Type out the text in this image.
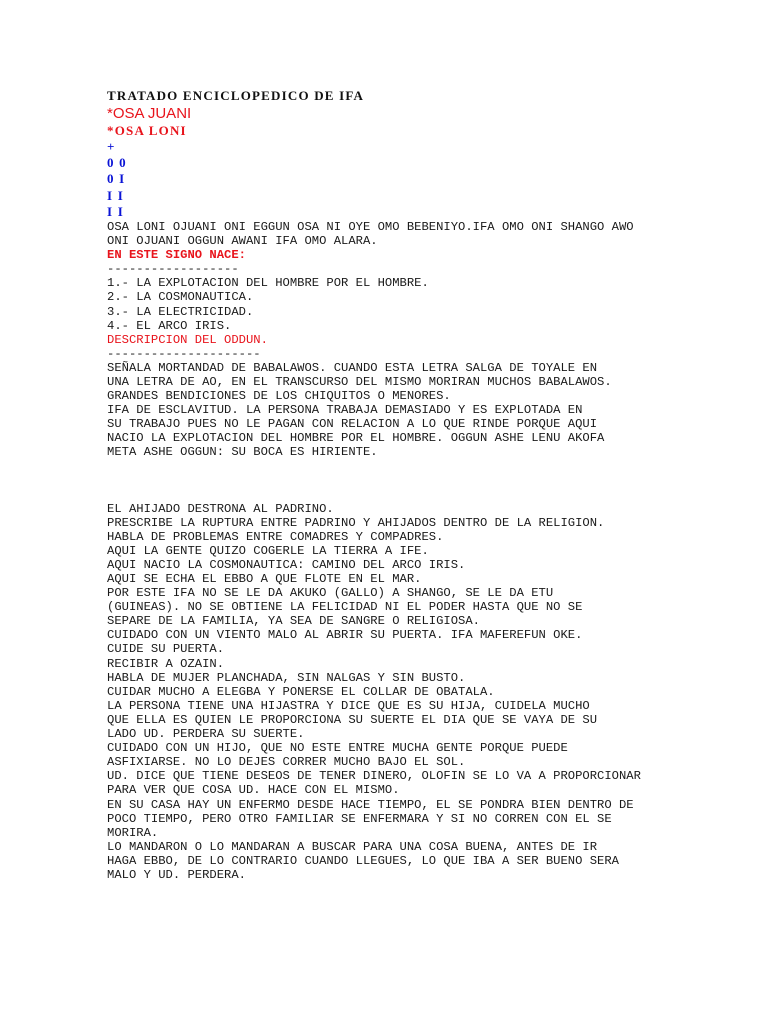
TRATADO ENCICLOPEDICO DE IFA

*OSA JUANI

*OSA LONI

+

0 0

0 I

I I

I I

OSA LONI OJUANI ONI EGGUN OSA NI OYE OMO BEBENIYO.IFA OMO ONI SHANGO AWO

ONI OJUANI OGGUN AWANI IFA OMO ALARA.

EN ESTE SIGNO NACE:

------------------

1.- LA EXPLOTACION DEL HOMBRE POR EL HOMBRE.

2.- LA COSMONAUTICA.

3.- LA ELECTRICIDAD.

4.- EL ARCO IRIS.

DESCRIPCION DEL ODDUN.

---------------------

SEÑALA MORTANDAD DE BABALAWOS. CUANDO ESTA LETRA SALGA DE TOYALE EN

UNA LETRA DE AO, EN EL TRANSCURSO DEL MISMO MORIRAN MUCHOS BABALAWOS.

GRANDES BENDICIONES DE LOS CHIQUITOS O MENORES.

IFA DE ESCLAVITUD. LA PERSONA TRABAJA DEMASIADO Y ES EXPLOTADA EN

SU TRABAJO PUES NO LE PAGAN CON RELACION A LO QUE RINDE PORQUE AQUI

NACIO LA EXPLOTACION DEL HOMBRE POR EL HOMBRE. OGGUN ASHE LENU AKOFA

META ASHE OGGUN: SU BOCA ES HIRIENTE.

EL AHIJADO DESTRONA AL PADRINO.

PRESCRIBE LA RUPTURA ENTRE PADRINO Y AHIJADOS DENTRO DE LA RELIGION.

HABLA DE PROBLEMAS ENTRE COMADRES Y COMPADRES.

AQUI LA GENTE QUIZO COGERLE LA TIERRA A IFE.

AQUI NACIO LA COSMONAUTICA: CAMINO DEL ARCO IRIS.

AQUI SE ECHA EL EBBO A QUE FLOTE EN EL MAR.

POR ESTE IFA NO SE LE DA AKUKO (GALLO) A SHANGO, SE LE DA ETU

(GUINEAS). NO SE OBTIENE LA FELICIDAD NI EL PODER HASTA QUE NO SE

SEPARE DE LA FAMILIA, YA SEA DE SANGRE O RELIGIOSA.

CUIDADO CON UN VIENTO MALO AL ABRIR SU PUERTA. IFA MAFEREFUN OKE.

CUIDE SU PUERTA.

RECIBIR A OZAIN.

HABLA DE MUJER PLANCHADA, SIN NALGAS Y SIN BUSTO.

CUIDAR MUCHO A ELEGBA Y PONERSE EL COLLAR DE OBATALA.

LA PERSONA TIENE UNA HIJASTRA Y DICE QUE ES SU HIJA, CUIDELA MUCHO

QUE ELLA ES QUIEN LE PROPORCIONA SU SUERTE EL DIA QUE SE VAYA DE SU

LADO UD. PERDERA SU SUERTE.

CUIDADO CON UN HIJO, QUE NO ESTE ENTRE MUCHA GENTE PORQUE PUEDE

ASFIXIARSE. NO LO DEJES CORRER MUCHO BAJO EL SOL.

UD. DICE QUE TIENE DESEOS DE TENER DINERO, OLOFIN SE LO VA A PROPORCIONAR

PARA VER QUE COSA UD. HACE CON EL MISMO.

EN SU CASA HAY UN ENFERMO DESDE HACE TIEMPO, EL SE PONDRA BIEN DENTRO DE

POCO TIEMPO, PERO OTRO FAMILIAR SE ENFERMARA Y SI NO CORREN CON EL SE

MORIRA.

LO MANDARON O LO MANDARAN A BUSCAR PARA UNA COSA BUENA, ANTES DE IR

HAGA EBBO, DE LO CONTRARIO CUANDO LLEGUES, LO QUE IBA A SER BUENO SERA

MALO Y UD. PERDERA.
